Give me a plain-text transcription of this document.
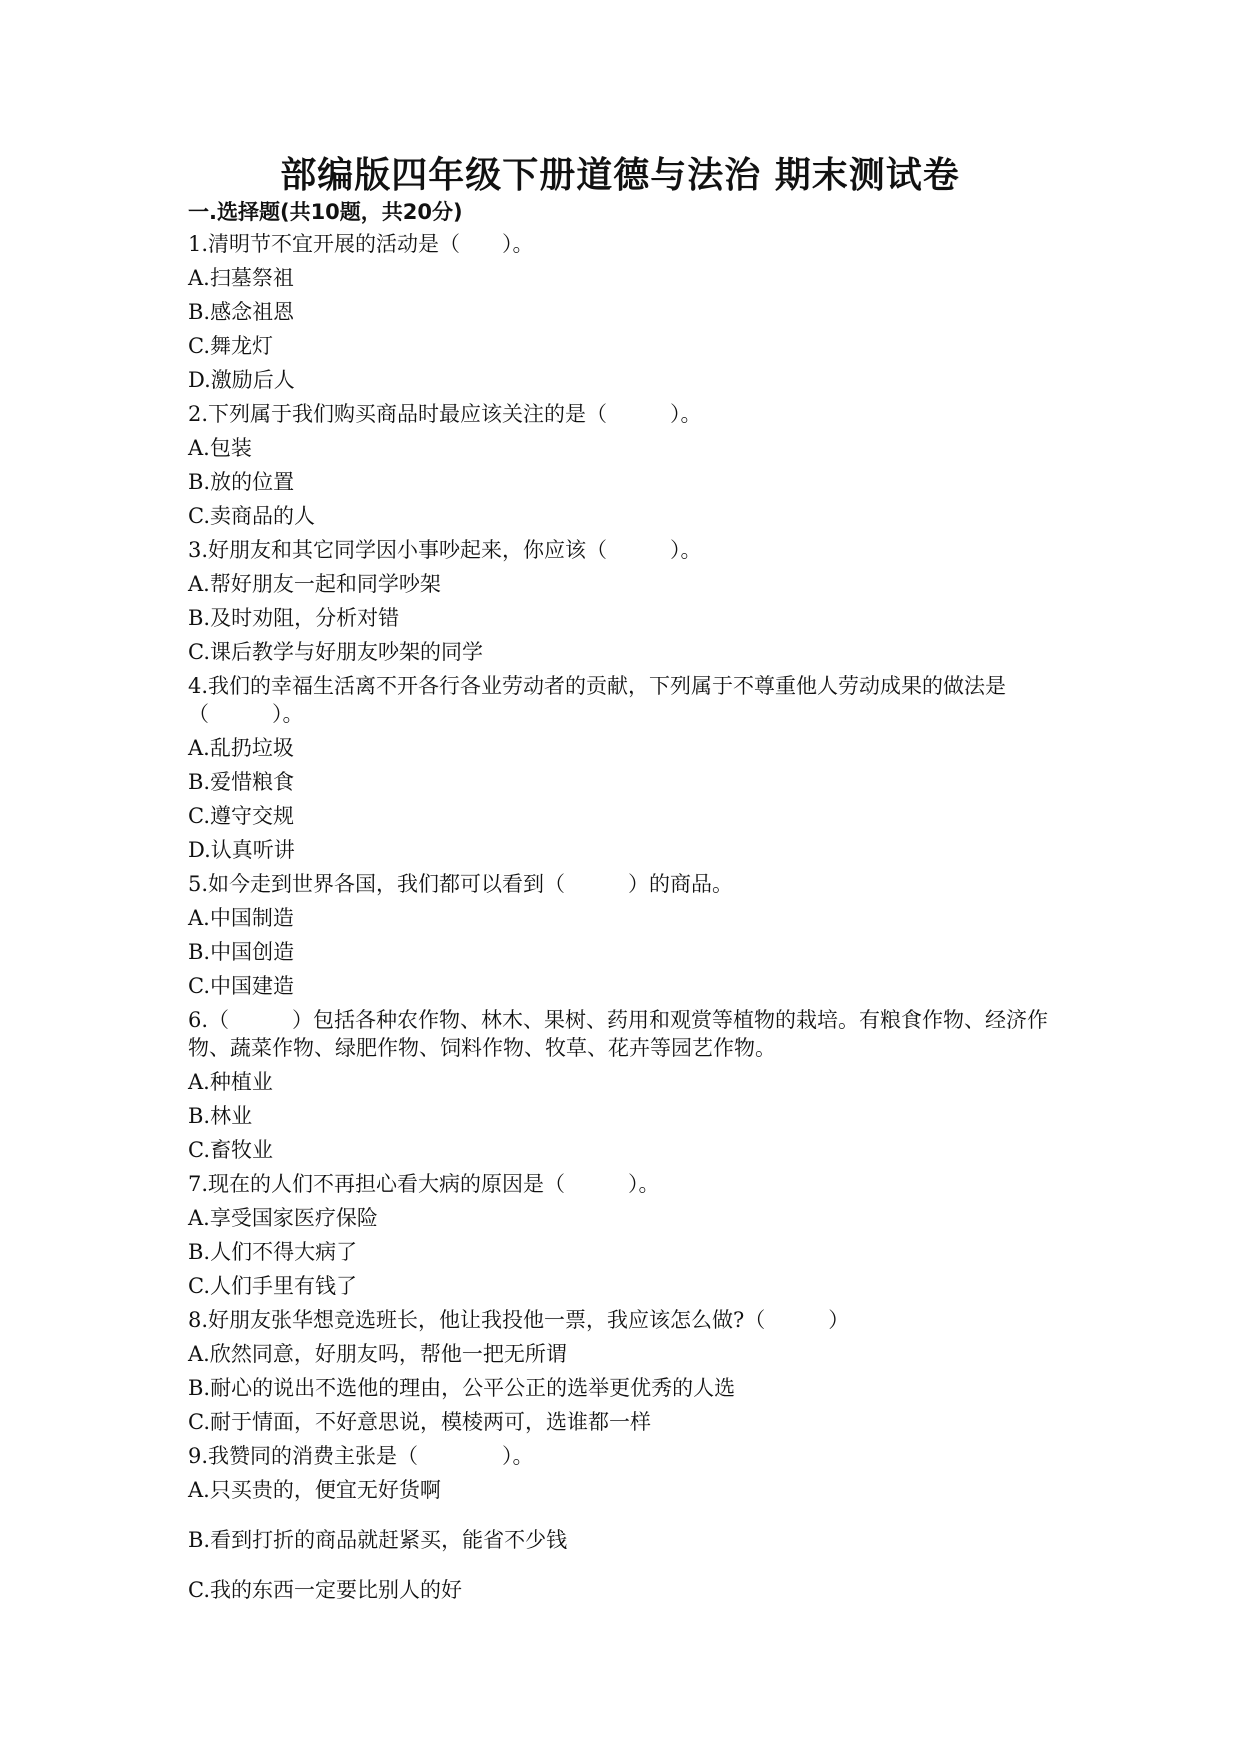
部编版四年级下册道德与法治 期末测试卷
一.选择题(共10题，共20分)
1.清明节不宜开展的活动是（　　）。
A.扫墓祭祖
B.感念祖恩
C.舞龙灯
D.激励后人
2.下列属于我们购买商品时最应该关注的是（　　　）。
A.包装
B.放的位置
C.卖商品的人
3.好朋友和其它同学因小事吵起来，你应该（　　　）。
A.帮好朋友一起和同学吵架
B.及时劝阻，分析对错
C.课后教学与好朋友吵架的同学
4.我们的幸福生活离不开各行各业劳动者的贡献，下列属于不尊重他人劳动成果的做法是（　　　）。
A.乱扔垃圾
B.爱惜粮食
C.遵守交规
D.认真听讲
5.如今走到世界各国，我们都可以看到（　　　）的商品。
A.中国制造
B.中国创造
C.中国建造
6.（　　　）包括各种农作物、林木、果树、药用和观赏等植物的栽培。有粮食作物、经济作物、蔬菜作物、绿肥作物、饲料作物、牧草、花卉等园艺作物。
A.种植业
B.林业
C.畜牧业
7.现在的人们不再担心看大病的原因是（　　　）。
A.享受国家医疗保险
B.人们不得大病了
C.人们手里有钱了
8.好朋友张华想竞选班长，他让我投他一票，我应该怎么做?（　　　）
A.欣然同意，好朋友吗，帮他一把无所谓
B.耐心的说出不选他的理由，公平公正的选举更优秀的人选
C.耐于情面，不好意思说，模棱两可，选谁都一样
9.我赞同的消费主张是（　　　　）。
A.只买贵的，便宜无好货啊
B.看到打折的商品就赶紧买，能省不少钱
C.我的东西一定要比别人的好
